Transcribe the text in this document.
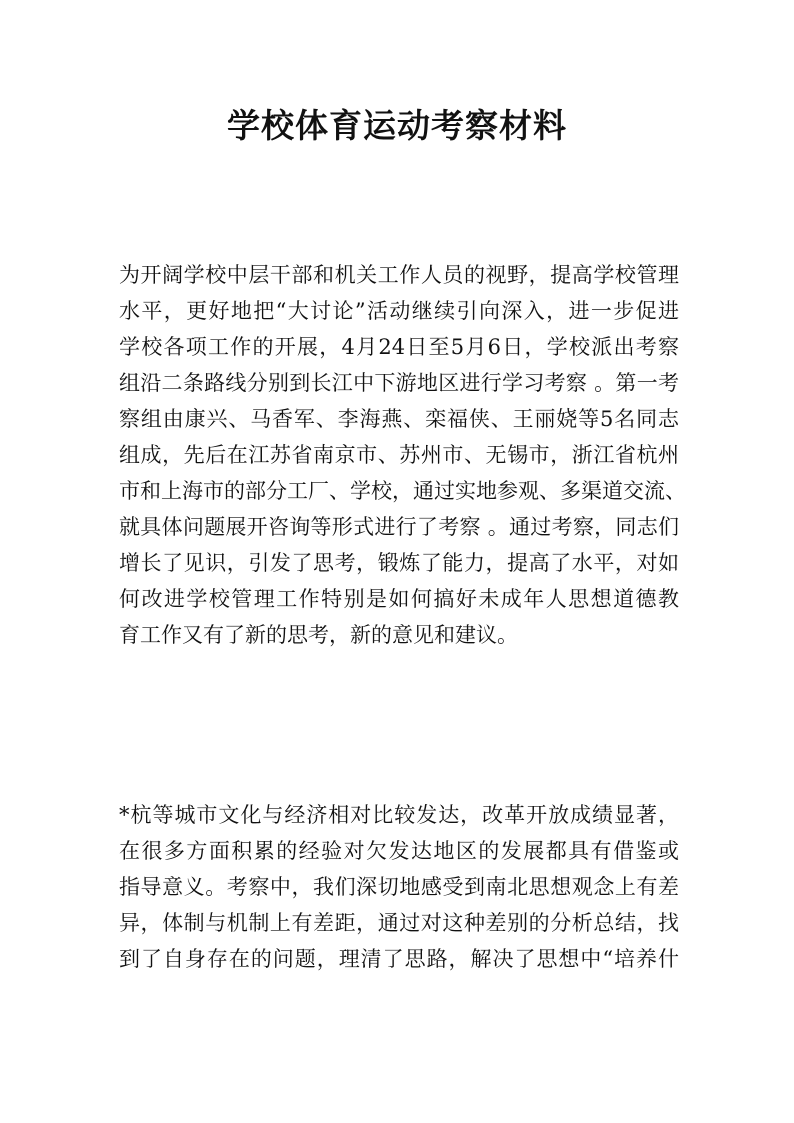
学校体育运动考察材料
为开阔学校中层干部和机关工作人员的视野，提高学校管理
水平，更好地把“大讨论”活动继续引向深入，进一步促进
学校各项工作的开展，4月24日至5月6日，学校派出考察
组沿二条路线分别到长江中下游地区进行学习考察 。第一考
察组由康兴、马香军、李海燕、栾福侠、王丽娆等5名同志
组成，先后在江苏省南京市、苏州市、无锡市，浙江省杭州
市和上海市的部分工厂、学校，通过实地参观、多渠道交流、
就具体问题展开咨询等形式进行了考察 。通过考察，同志们
增长了见识，引发了思考，锻炼了能力，提高了水平，对如
何改进学校管理工作特别是如何搞好未成年人思想道德教
育工作又有了新的思考，新的意见和建议。
*杭等城市文化与经济相对比较发达，改革开放成绩显著，
在很多方面积累的经验对欠发达地区的发展都具有借鉴或
指导意义。考察中，我们深切地感受到南北思想观念上有差
异，体制与机制上有差距，通过对这种差别的分析总结，找
到了自身存在的问题，理清了思路，解决了思想中“培养什
